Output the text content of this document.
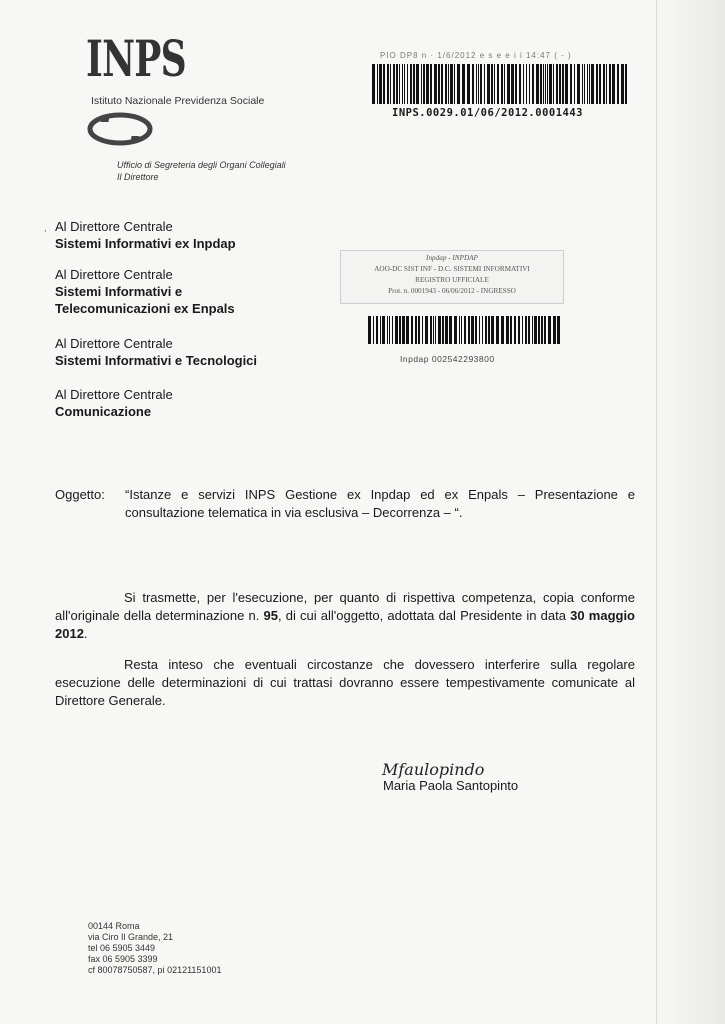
INPS
Istituto Nazionale Previdenza Sociale
Ufficio di Segreteria degli Organi Collegiali
Il Direttore
PIO DP8 n · 1/6/2012 e s e e i i 14:47 ( - )
INPS.0029.01/06/2012.0001443
Inpdap - INPDAP
AOO-DC SIST INF - D.C. SISTEMI INFORMATIVI
REGISTRO UFFICIALE
Prot. n. 0001943 - 06/06/2012 - INGRESSO
Inpdap 002542293800
, Al Direttore Centrale
Sistemi Informativi ex Inpdap
Al Direttore Centrale
Sistemi Informativi e
Telecomunicazioni ex Enpals
Al Direttore Centrale
Sistemi Informativi e Tecnologici
Al Direttore Centrale
Comunicazione
Oggetto: “Istanze e servizi INPS Gestione ex Inpdap ed ex Enpals – Presentazione e consultazione telematica in via esclusiva – Decorrenza – “.
Si trasmette, per l'esecuzione, per quanto di rispettiva competenza, copia conforme all'originale della determinazione n. 95, di cui all'oggetto, adottata dal Presidente in data 30 maggio 2012.
Resta inteso che eventuali circostanze che dovessero interferire sulla regolare esecuzione delle determinazioni di cui trattasi dovranno essere tempestivamente comunicate al Direttore Generale.
Mfaulopindo
Maria Paola Santopinto
00144 Roma
via Ciro Il Grande, 21
tel 06 5905 3449
fax 06 5905 3399
cf 80078750587, pi 02121151001
